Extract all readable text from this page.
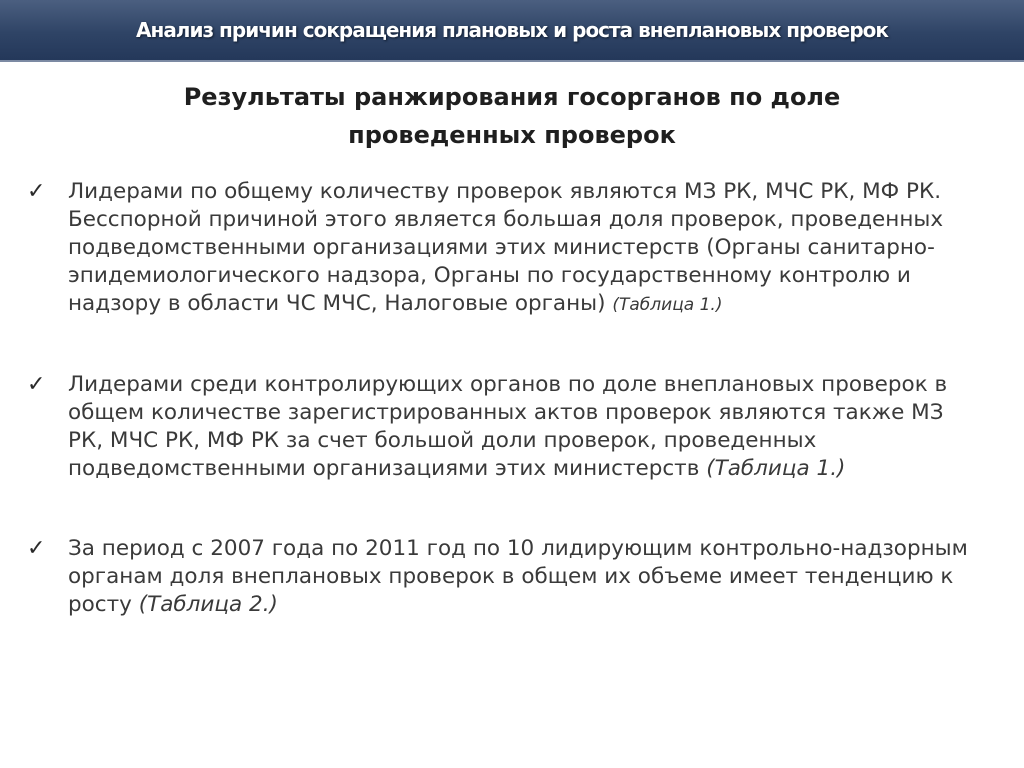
Анализ причин сокращения плановых и роста внеплановых проверок
Результаты ранжирования госорганов по доле
проведенных проверок
✓ Лидерами по общему количеству проверок являются МЗ РК, МЧС РК, МФ РК. Бесспорной причиной этого является большая доля проверок, проведенных подведомственными организациями этих министерств (Органы санитарно-эпидемиологического надзора, Органы по государственному контролю и надзору в области ЧС МЧС, Налоговые органы) (Таблица 1.)
✓ Лидерами среди контролирующих органов по доле внеплановых проверок в общем количестве зарегистрированных актов проверок являются также МЗ РК, МЧС РК, МФ РК за счет большой доли проверок, проведенных подведомственными организациями этих министерств (Таблица 1.)
✓ За период с 2007 года по 2011 год по 10 лидирующим контрольно-надзорным органам доля внеплановых проверок в общем их объеме имеет тенденцию к росту (Таблица 2.)
